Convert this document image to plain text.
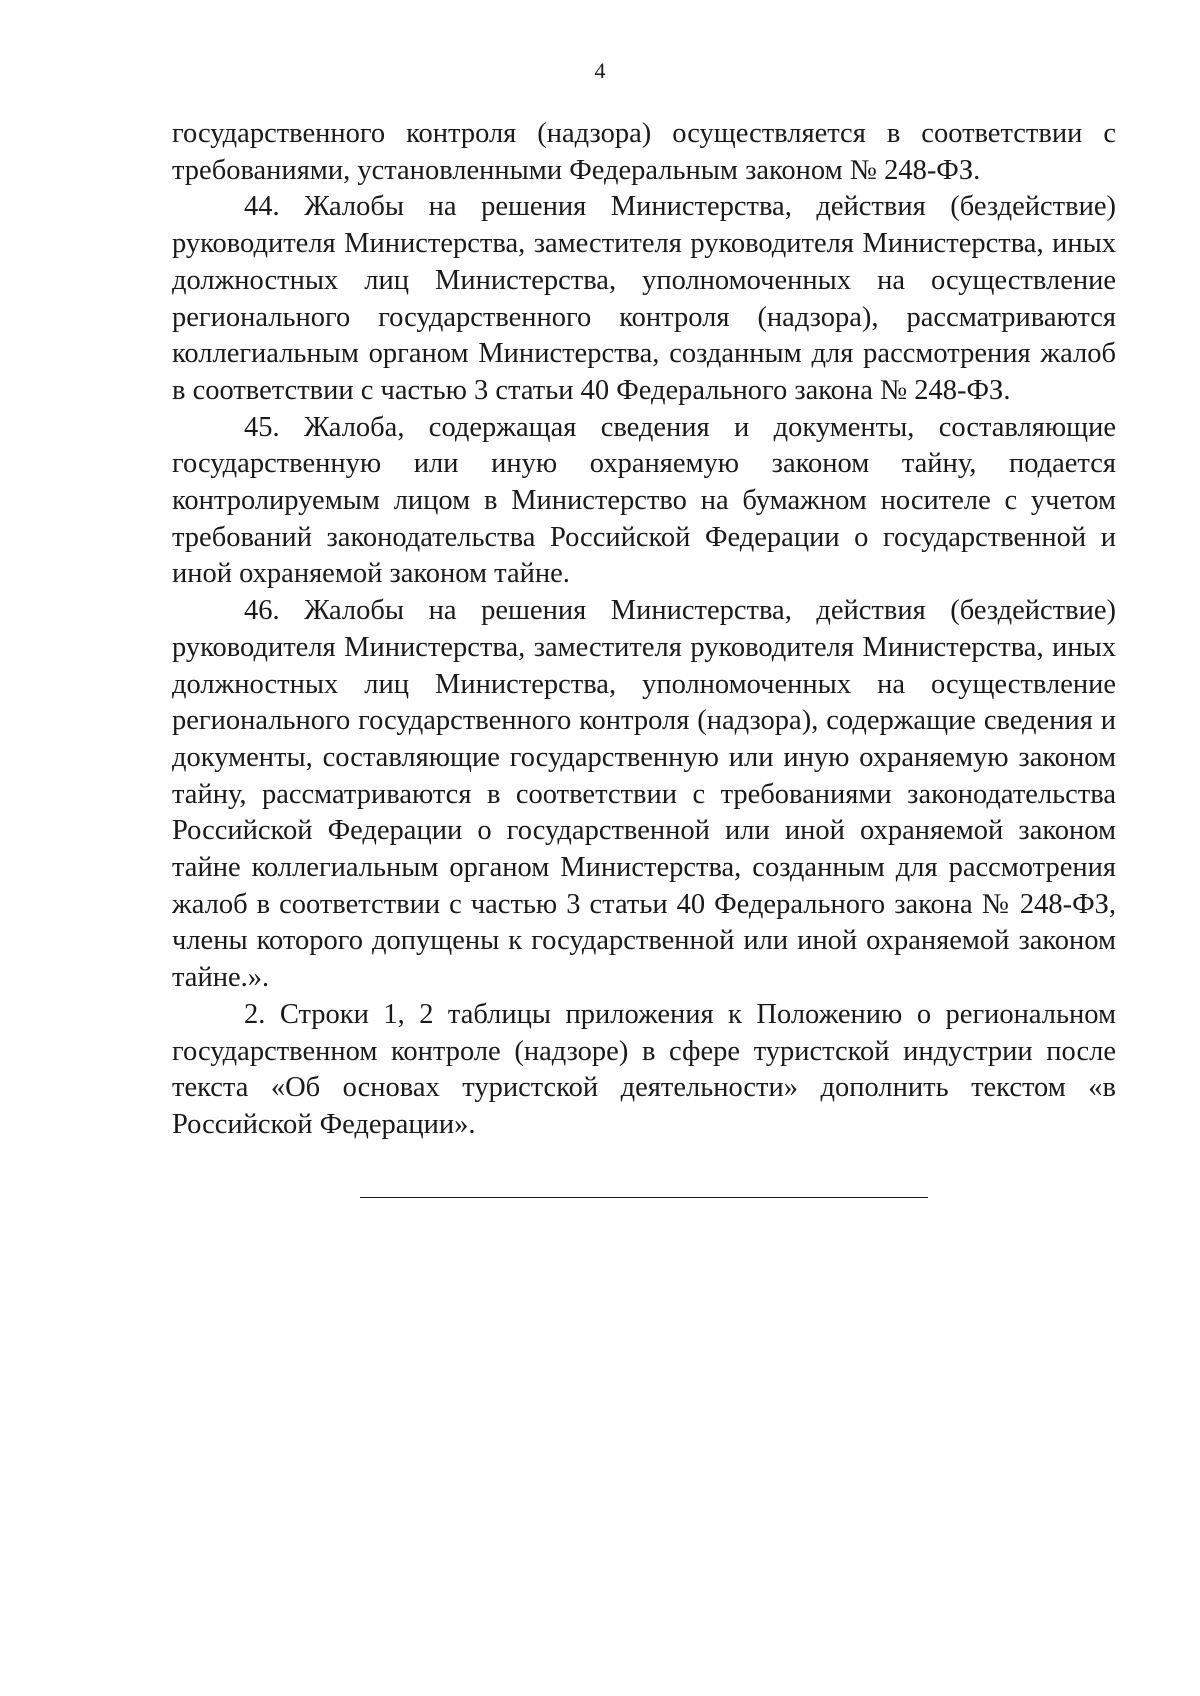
4

государственного контроля (надзора) осуществляется в соответствии с требованиями, установленными Федеральным законом № 248-ФЗ.

44. Жалобы на решения Министерства, действия (бездействие) руководителя Министерства, заместителя руководителя Министерства, иных должностных лиц Министерства, уполномоченных на осуществление регионального государственного контроля (надзора), рассматриваются коллегиальным органом Министерства, созданным для рассмотрения жалоб в соответствии с частью 3 статьи 40 Федерального закона № 248-ФЗ.

45. Жалоба, содержащая сведения и документы, составляющие государственную или иную охраняемую законом тайну, подается контролируемым лицом в Министерство на бумажном носителе с учетом требований законодательства Российской Федерации о государственной и иной охраняемой законом тайне.

46. Жалобы на решения Министерства, действия (бездействие) руководителя Министерства, заместителя руководителя Министерства, иных должностных лиц Министерства, уполномоченных на осуществление регионального государственного контроля (надзора), содержащие сведения и документы, составляющие государственную или иную охраняемую законом тайну, рассматриваются в соответствии с требованиями законодательства Российской Федерации о государственной или иной охраняемой законом тайне коллегиальным органом Министерства, созданным для рассмотрения жалоб в соответствии с частью 3 статьи 40 Федерального закона № 248-ФЗ, члены которого допущены к государственной или иной охраняемой законом тайне.».

2. Строки 1, 2 таблицы приложения к Положению о региональном государственном контроле (надзоре) в сфере туристской индустрии после текста «Об основах туристской деятельности» дополнить текстом «в Российской Федерации».
